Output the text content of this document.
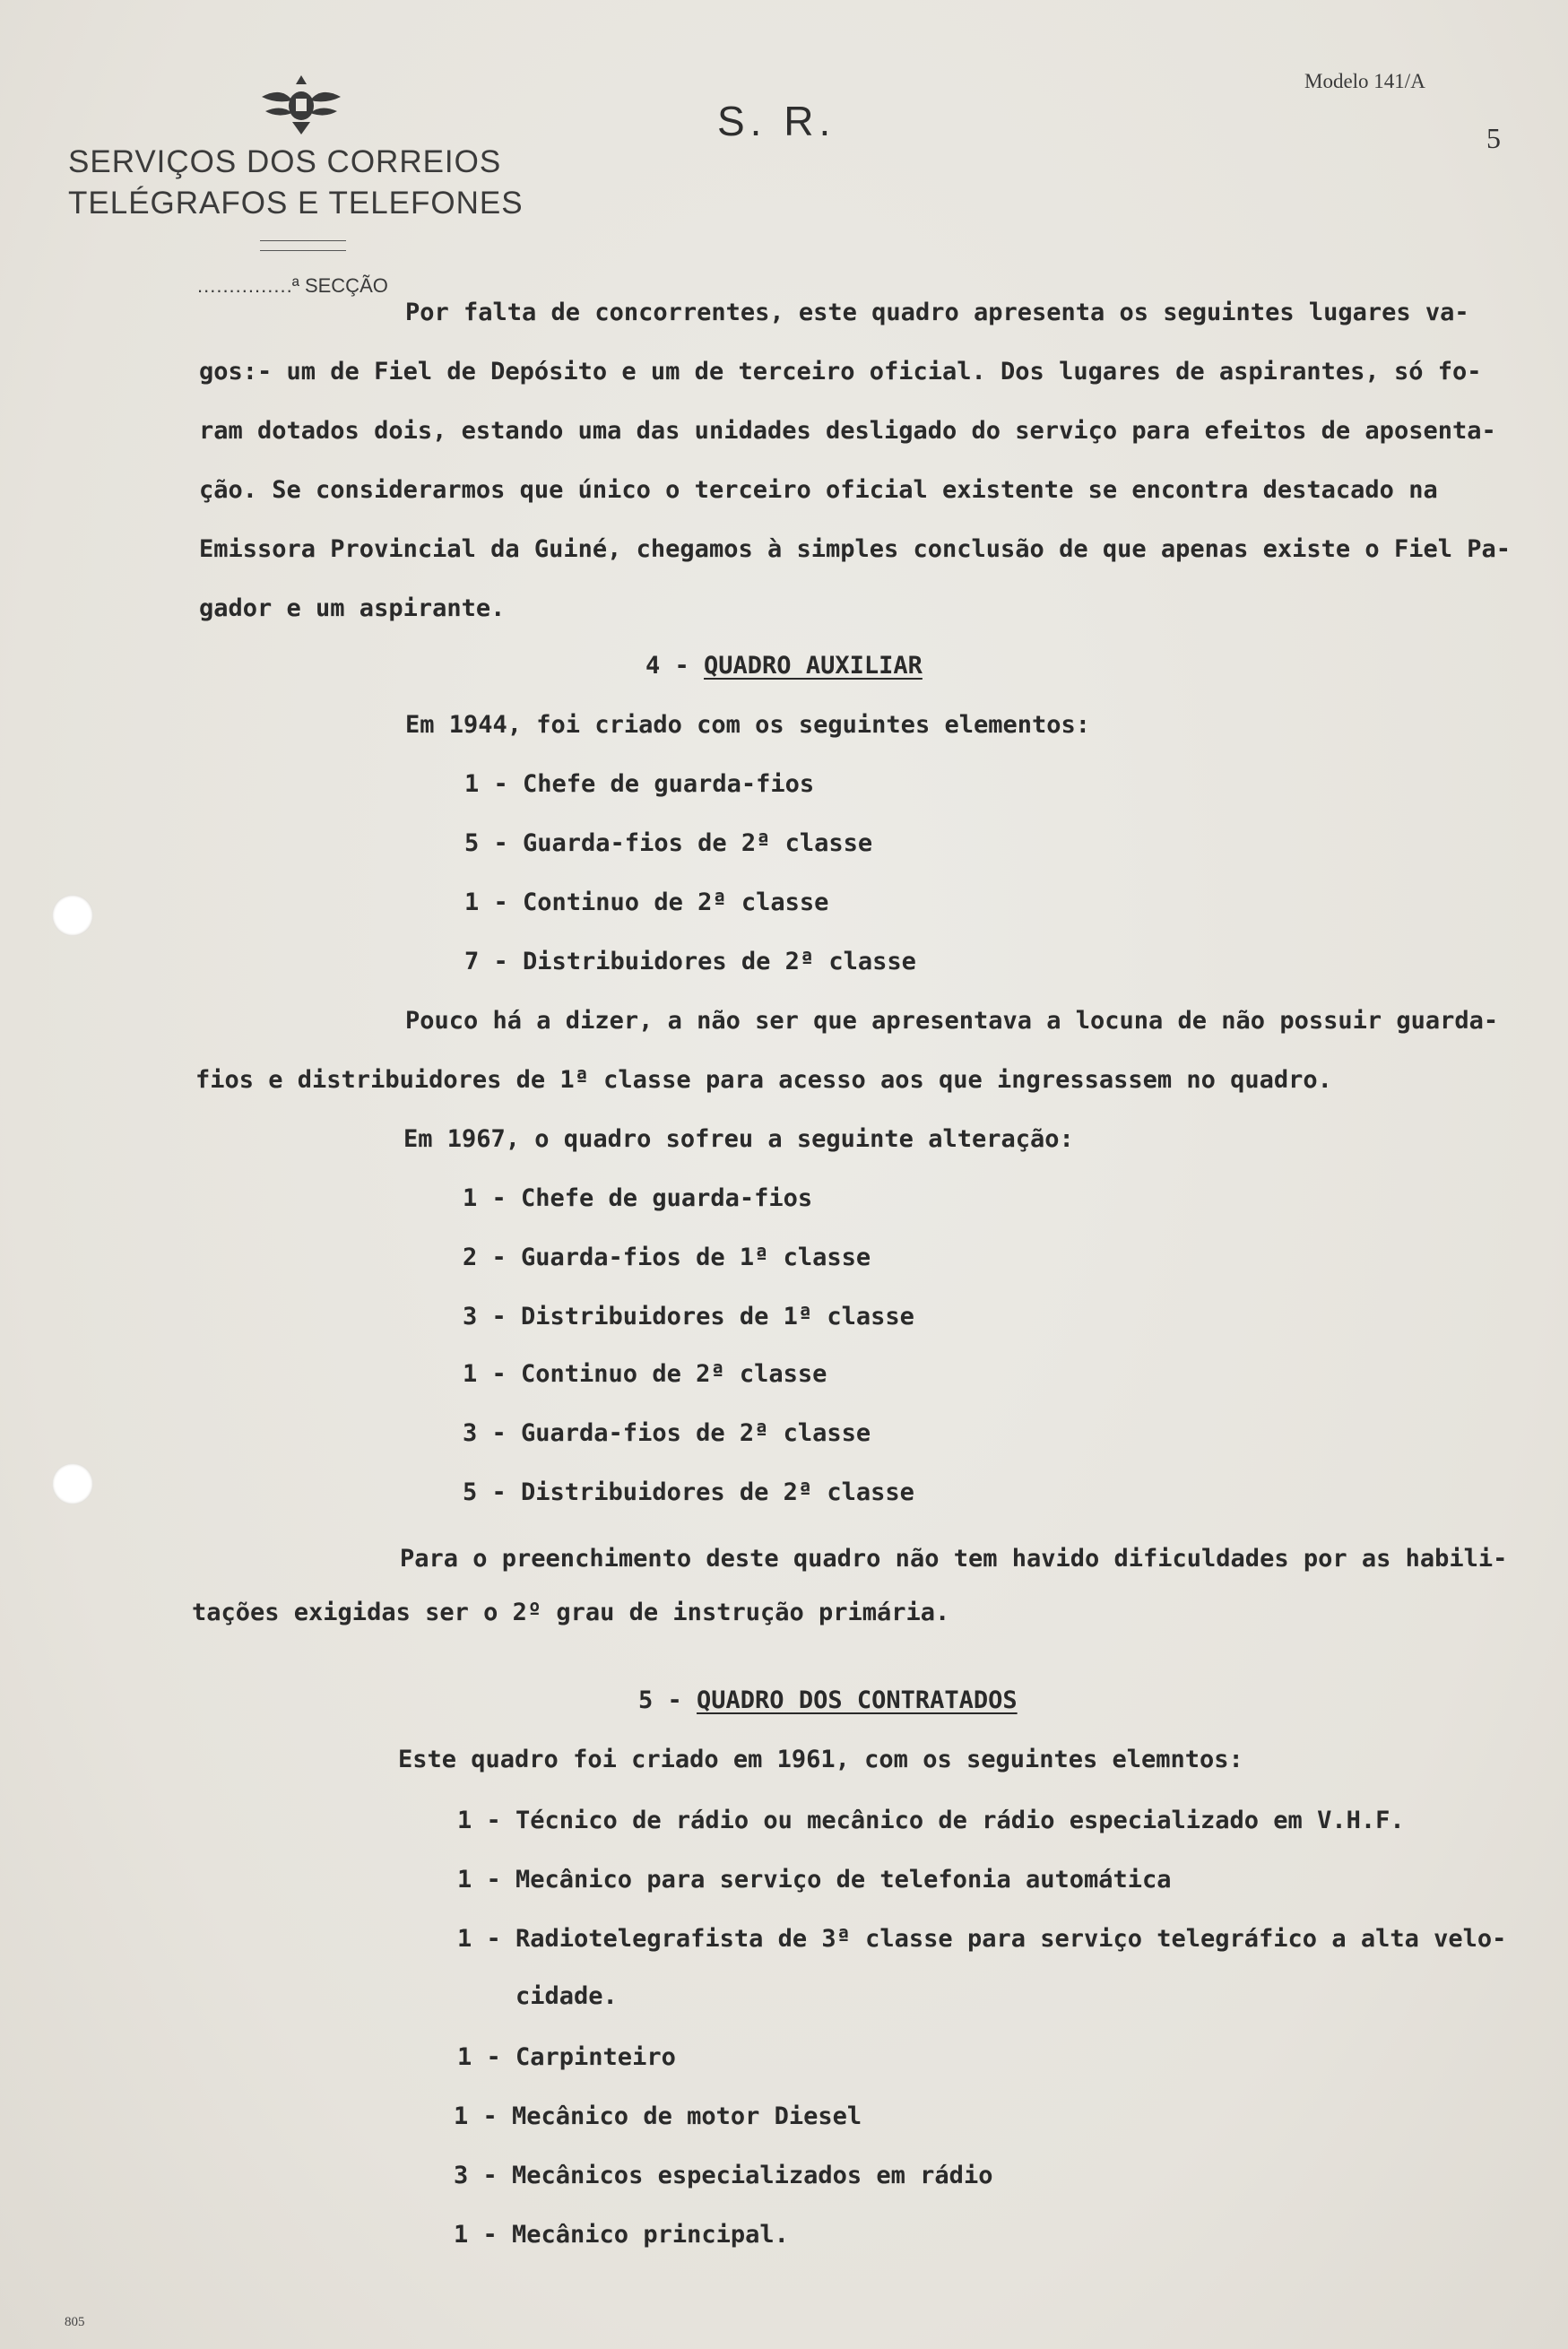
SERVIÇOS DOS CORREIOS
TELÉGRAFOS E TELEFONES
S. R.
Modelo 141/A
5
...............ª SECÇÃO
Por falta de concorrentes, este quadro apresenta os seguintes lugares va-
gos:- um de Fiel de Depósito e um de terceiro oficial. Dos lugares de aspirantes, só fo-
ram dotados dois, estando uma das unidades desligado do serviço para efeitos de aposenta-
ção. Se considerarmos que único o terceiro oficial existente se encontra destacado na
Emissora Provincial da Guiné, chegamos à simples conclusão de que apenas existe o Fiel Pa-
gador e um aspirante.
4 - QUADRO AUXILIAR
Em 1944, foi criado com os seguintes elementos:
1 - Chefe de guarda-fios
5 - Guarda-fios de 2ª classe
1 - Continuo de 2ª classe
7 - Distribuidores de 2ª classe
Pouco há a dizer, a não ser que apresentava a locuna de não possuir guarda-
fios e distribuidores de 1ª classe para acesso aos que ingressassem no quadro.
Em 1967, o quadro sofreu a seguinte alteração:
1 - Chefe de guarda-fios
2 - Guarda-fios de 1ª classe
3 - Distribuidores de 1ª classe
1 - Continuo de 2ª classe
3 - Guarda-fios de 2ª classe
5 - Distribuidores de 2ª classe
Para o preenchimento deste quadro não tem havido dificuldades por as habili-
tações exigidas ser o 2º grau de instrução primária.
5 - QUADRO DOS CONTRATADOS
Este quadro foi criado em 1961, com os seguintes elemntos:
1 - Técnico de rádio ou mecânico de rádio especializado em V.H.F.
1 - Mecânico para serviço de telefonia automática
1 - Radiotelegrafista de 3ª classe para serviço telegráfico a alta velo-
cidade.
1 - Carpinteiro
1 - Mecânico de motor Diesel
3 - Mecânicos especializados em rádio
1 - Mecânico principal.
805
